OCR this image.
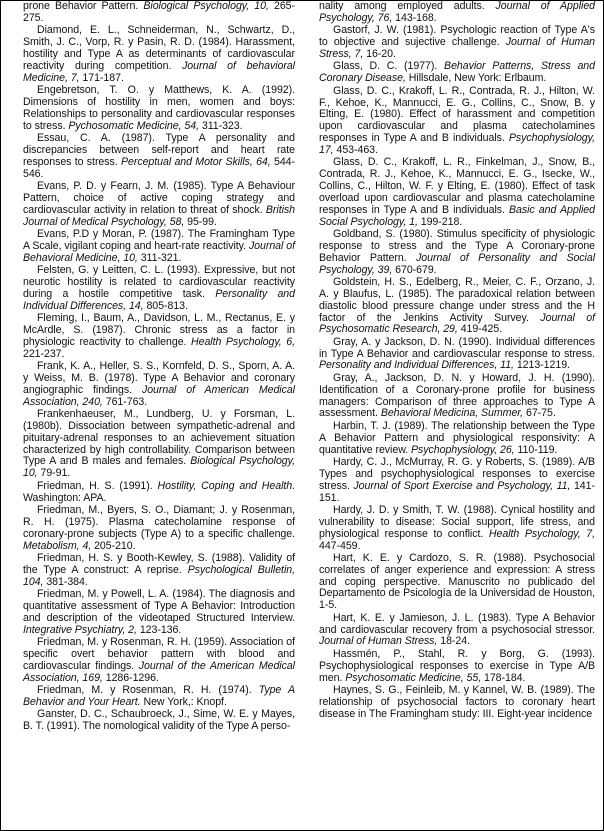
prone Behavior Pattern. Biological Psychology, 10, 265-275.

Diamond, E. L., Schneiderman, N., Schwartz, D., Smith, J. C., Vorp, R. y Pasin, R. D. (1984). Harassment, hostility and Type A as determinants of cardiovascular reactivity during competition. Journal of behavioral Medicine, 7, 171-187.

Engebretson, T. O. y Matthews, K. A. (1992). Dimensions of hostility in men, women and boys: Relationships to personality and cardiovascular responses to stress. Pychosomatic Medicine, 54, 311-323.

Essau, C. A. (1987). Type A personality and discrepancies between self-report and heart rate responses to stress. Perceptual and Motor Skills, 64, 544-546.

Evans, P. D. y Fearn, J. M. (1985). Type A Behaviour Pattern, choice of active coping strategy and cardiovascular activity in relation to threat of shock. British Journal of Medical Psychology, 58, 95-99.

Evans, P.D y Moran, P. (1987). The Framingham Type A Scale, vigilant coping and heart-rate reactivity. Journal of Behavioral Medicine, 10, 311-321.

Felsten, G. y Leitten, C. L. (1993). Expressive, but not neurotic hostility is related to cardiovascular reactivity during a hostile competitive task. Personality and Individual Differences, 14, 805-813.

Fleming, I., Baum, A., Davidson, L. M., Rectanus, E. y McArdle, S. (1987). Chronic stress as a factor in physiologic reactivity to challenge. Health Psychology, 6, 221-237.

Frank, K. A., Heller, S. S., Kornfeld, D. S., Sporn, A. A. y Weiss, M. B. (1978). Type A Behavior and coronary angiographic findings. Journal of American Medical Association, 240, 761-763.

Frankenhaeuser, M., Lundberg, U. y Forsman, L. (1980b). Dissociation between sympathetic-adrenal and pituitary-adrenal responses to an achievement situation characterized by high controllability. Comparison between Type A and B males and females. Biological Psychology, 10, 79-91.

Friedman, H. S. (1991). Hostility, Coping and Health. Washington: APA.

Friedman, M., Byers, S. O., Diamant; J. y Rosenman, R. H. (1975). Plasma catecholamine response of coronary-prone subjects (Type A) to a specific challenge. Metabolism, 4, 205-210.

Friedman, H. S. y Booth-Kewley, S. (1988). Validity of the Type A construct: A reprise. Psychological Bulletin, 104, 381-384.

Friedman, M. y Powell, L. A. (1984). The diagnosis and quantitative assessment of Type A Behavior: Introduction and description of the videotaped Structured Interview. Integrative Psychiatry, 2, 123-136.

Friedman, M. y Rosenman, R. H. (1959). Association of specific overt behavior pattern with blood and cardiovascular findings. Journal of the American Medical Association, 169, 1286-1296.

Friedman, M. y Rosenman, R. H. (1974). Type A Behavior and Your Heart. New York,: Knopf.

Ganster, D. C., Schaubroeck, J., Sime, W. E. y Mayes, B. T. (1991). The nomological validity of the Type A perso-

nality among employed adults. Journal of Applied Psychology, 76, 143-168.

Gastorf, J. W. (1981). Psychologic reaction of Type A's to objective and sujective challenge. Journal of Human Stress, 7, 16-20.

Glass, D. C. (1977). Behavior Patterns, Stress and Coronary Disease, Hillsdale, New York: Erlbaum.

Glass, D. C., Krakoff, L. R., Contrada, R. J., Hilton, W. F., Kehoe, K., Mannucci, E. G., Collins, C., Snow, B. y Elting, E. (1980). Effect of harassment and competition upon cardiovascular and plasma catecholamines responses in Type A and B individuals. Psychophysiology, 17, 453-463.

Glass, D. C., Krakoff, L. R., Finkelman, J., Snow, B., Contrada, R. J., Kehoe, K., Mannucci, E. G., Isecke, W., Collins, C., Hilton, W. F. y Elting, E. (1980). Effect of task overload upon cardiovascular and plasma catecholamine responses in Type A and B individuals. Basic and Applied Social Psychology, 1, 199-218.

Goldband, S. (1980). Stimulus specificity of physiologic response to stress and the Type A Coronary-prone Behavior Pattern. Journal of Personality and Social Psychology, 39, 670-679.

Goldstein, H. S., Edelberg, R., Meier, C. F., Orzano, J. A. y Blaufus, L. (1985). The paradoxical relation between diastolic blood pressure change under stress and the H factor of the Jenkins Activity Survey. Journal of Psychosomatic Research, 29, 419-425.

Gray, A. y Jackson, D. N. (1990). Individual differences in Type A Behavior and cardiovascular response to stress. Personality and Individual Differences, 11, 1213-1219.

Gray, A., Jackson, D. N. y Howard, J. H. (1990). Identification of a Coronary-prone profile for business managers: Comparison of three approaches to Type A assessment. Behavioral Medicina, Summer, 67-75.

Harbin, T. J. (1989). The relationship between the Type A Behavior Pattern and physiological responsivity: A quantitative review. Psychophysiology, 26, 110-119.

Hardy, C. J., McMurray, R. G. y Roberts, S. (1989). A/B Types and psychophysiological responses to exercise stress. Journal of Sport Exercise and Psychology, 11, 141-151.

Hardy, J. D. y Smith, T. W. (1988). Cynical hostility and vulnerability to disease: Social support, life stress, and physiological response to conflict. Health Psychology, 7, 447-459.

Hart, K. E. y Cardozo, S. R. (1988). Psychosocial correlates of anger experience and expression: A stress and coping perspective. Manuscrito no publicado del Departamento de Psicología de la Universidad de Houston, 1-5.

Hart, K. E. y Jamieson, J. L. (1983). Type A Behavior and cardiovascular recovery from a psychosocial stressor. Journal of Human Stress, 18-24.

Hassmén, P., Stahl, R. y Borg, G. (1993). Psychophysiological responses to exercise in Type A/B men. Psychosomatic Medicine, 55, 178-184.

Haynes, S. G., Feinleib, M. y Kannel, W. B. (1989). The relationship of psychosocial factors to coronary heart disease in The Framingham study: III. Eight-year incidence
